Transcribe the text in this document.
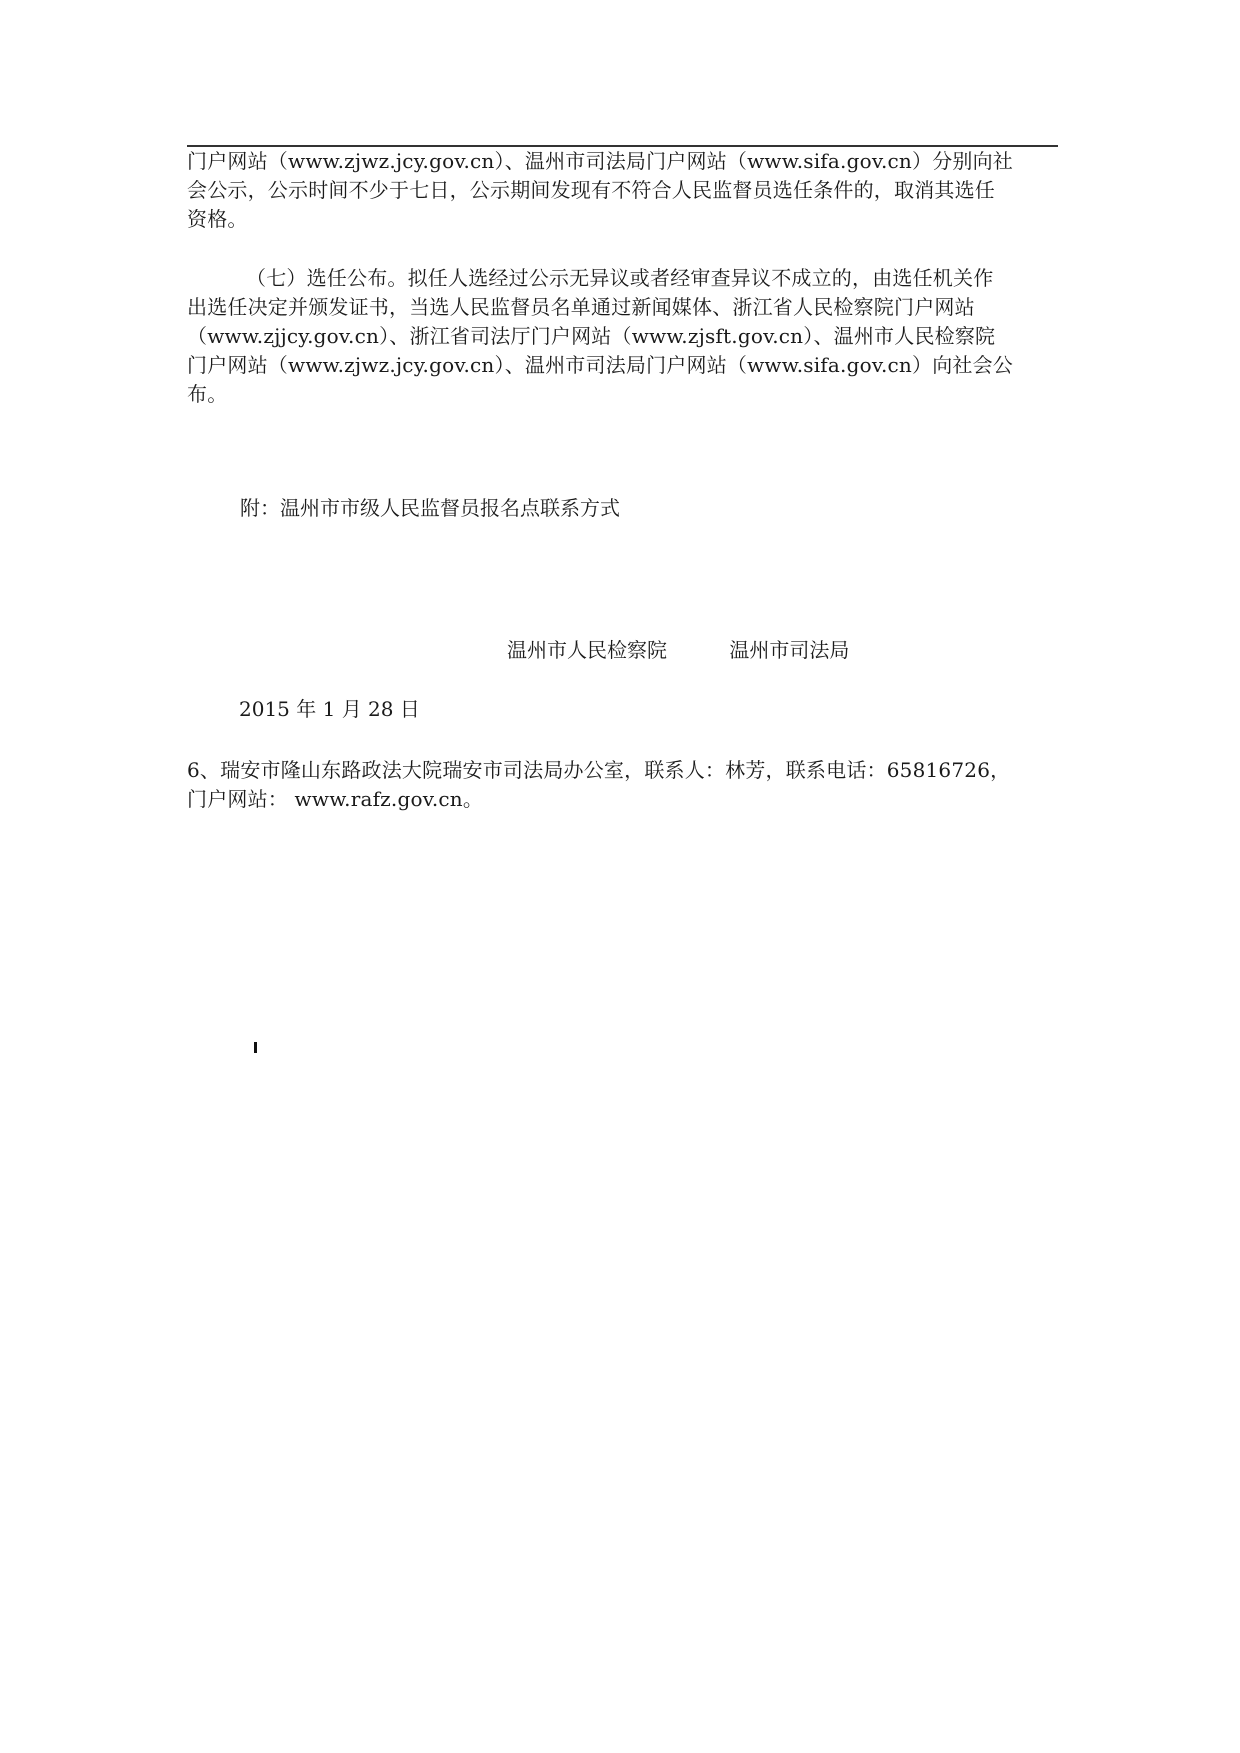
门户网站（www.zjwz.jcy.gov.cn）、温州市司法局门户网站（www.sifa.gov.cn）分别向社

会公示，公示时间不少于七日，公示期间发现有不符合人民监督员选任条件的，取消其选任

资格。

（七）选任公布。拟任人选经过公示无异议或者经审查异议不成立的，由选任机关作

出选任决定并颁发证书，当选人民监督员名单通过新闻媒体、浙江省人民检察院门户网站

（www.zjjcy.gov.cn）、浙江省司法厅门户网站（www.zjsft.gov.cn）、温州市人民检察院

门户网站（www.zjwz.jcy.gov.cn）、温州市司法局门户网站（www.sifa.gov.cn）向社会公

布。

附：温州市市级人民监督员报名点联系方式
温州市人民检察院	温州市司法局
2015 年 1 月 28 日

6、瑞安市隆山东路政法大院瑞安市司法局办公室，联系人：林芳，联系电话：65816726，

门户网站： www.rafz.gov.cn。
